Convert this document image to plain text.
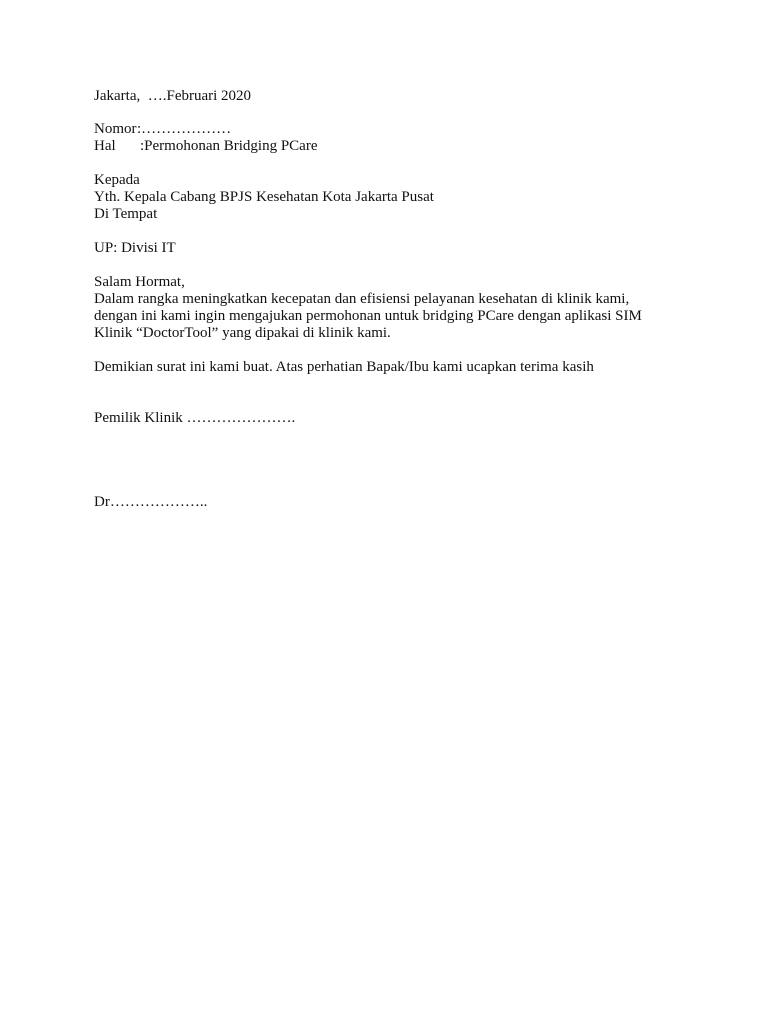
Jakarta,  ….Februari 2020
Nomor :………………
Hal	:Permohonan Bridging PCare
Kepada
Yth. Kepala Cabang BPJS Kesehatan Kota Jakarta Pusat
Di Tempat
UP: Divisi IT
Salam Hormat,
Dalam rangka meningkatkan kecepatan dan efisiensi pelayanan kesehatan di klinik kami,
dengan ini kami ingin mengajukan permohonan untuk bridging PCare dengan aplikasi SIM
Klinik “DoctorTool” yang dipakai di klinik kami.
Demikian surat ini kami buat. Atas perhatian Bapak/Ibu kami ucapkan terima kasih
Pemilik Klinik ………………….
Dr………………..
